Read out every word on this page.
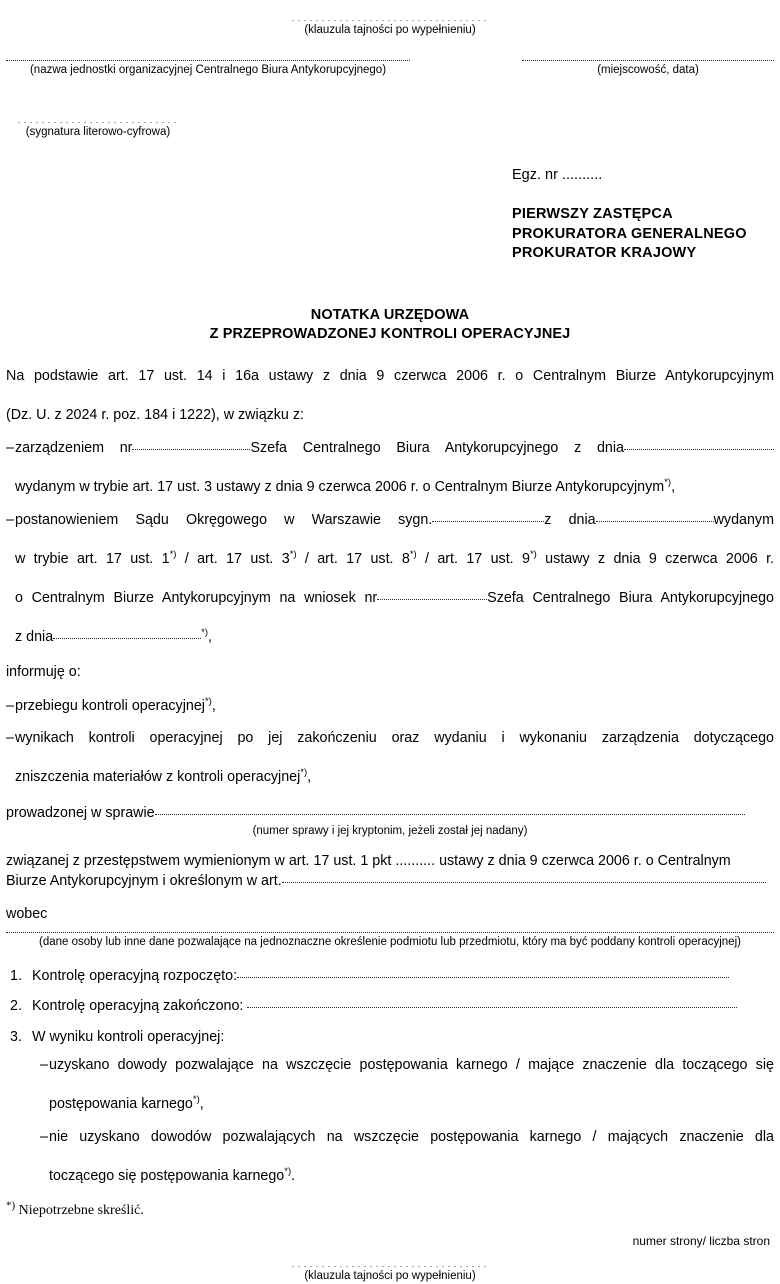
(klauzula tajności po wypełnieniu)
(nazwa jednostki organizacyjnej Centralnego Biura Antykorupcyjnego)	(miejscowość, data)
(sygnatura literowo-cyfrowa)
Egz. nr ..........
PIERWSZY ZASTĘPCA
PROKURATORA GENERALNEGO
PROKURATOR KRAJOWY
NOTATKA URZĘDOWA
Z PRZEPROWADZONEJ KONTROLI OPERACYJNEJ
Na podstawie art. 17 ust. 14 i 16a ustawy z dnia 9 czerwca 2006 r. o Centralnym Biurze Antykorupcyjnym
(Dz. U. z 2024 r. poz. 184 i 1222), w związku z:
– zarządzeniem nr	Szefa Centralnego Biura Antykorupcyjnego z dnia
wydanym w trybie art. 17 ust. 3 ustawy z dnia 9 czerwca 2006 r. o Centralnym Biurze Antykorupcyjnym*),
– postanowieniem Sądu Okręgowego w Warszawie sygn.	z dnia	wydanym
w trybie art. 17 ust. 1*) / art. 17 ust. 3*) / art. 17 ust. 8*) / art. 17 ust. 9*) ustawy z dnia 9 czerwca 2006 r.
o Centralnym Biurze Antykorupcyjnym na wniosek nr	Szefa Centralnego Biura Antykorupcyjnego
z dnia	*),
informuję o:
– przebiegu kontroli operacyjnej*),
– wynikach kontroli operacyjnej po jej zakończeniu oraz wydaniu i wykonaniu zarządzenia dotyczącego
zniszczenia materiałów z kontroli operacyjnej*),
prowadzonej w sprawie
(numer sprawy i jej kryptonim, jeżeli został jej nadany)
związanej z przestępstwem wymienionym w art. 17 ust. 1 pkt .......... ustawy z dnia 9 czerwca 2006 r. o Centralnym
Biurze Antykorupcyjnym i określonym w art.
wobec
(dane osoby lub inne dane pozwalające na jednoznaczne określenie podmiotu lub przedmiotu, który ma być poddany kontroli operacyjnej)
1. Kontrolę operacyjną rozpoczęto:
2. Kontrolę operacyjną zakończono:
3. W wyniku kontroli operacyjnej:
– uzyskano dowody pozwalające na wszczęcie postępowania karnego / mające znaczenie dla toczącego się
postępowania karnego*),
– nie uzyskano dowodów pozwalających na wszczęcie postępowania karnego / mających znaczenie dla
toczącego się postępowania karnego*).
*) Niepotrzebne skreślić.
numer strony/ liczba stron
(klauzula tajności po wypełnieniu)
